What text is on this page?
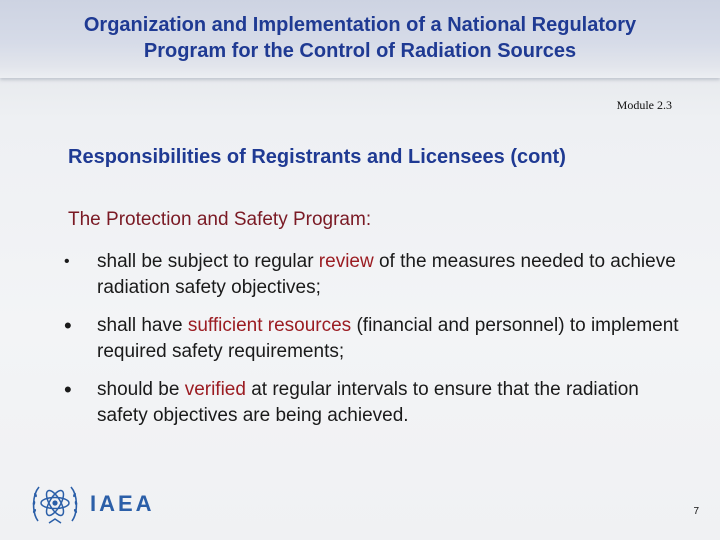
Organization and Implementation of a National Regulatory
Program for the Control of Radiation Sources
Module 2.3
Responsibilities of Registrants and Licensees (cont)
The Protection and Safety Program:
• shall be subject to regular review of the measures needed to achieve radiation safety objectives;
• shall have sufficient resources (financial and personnel) to implement required safety requirements;
• should be verified at regular intervals to ensure that the radiation safety objectives are being achieved.
IAEA	7
